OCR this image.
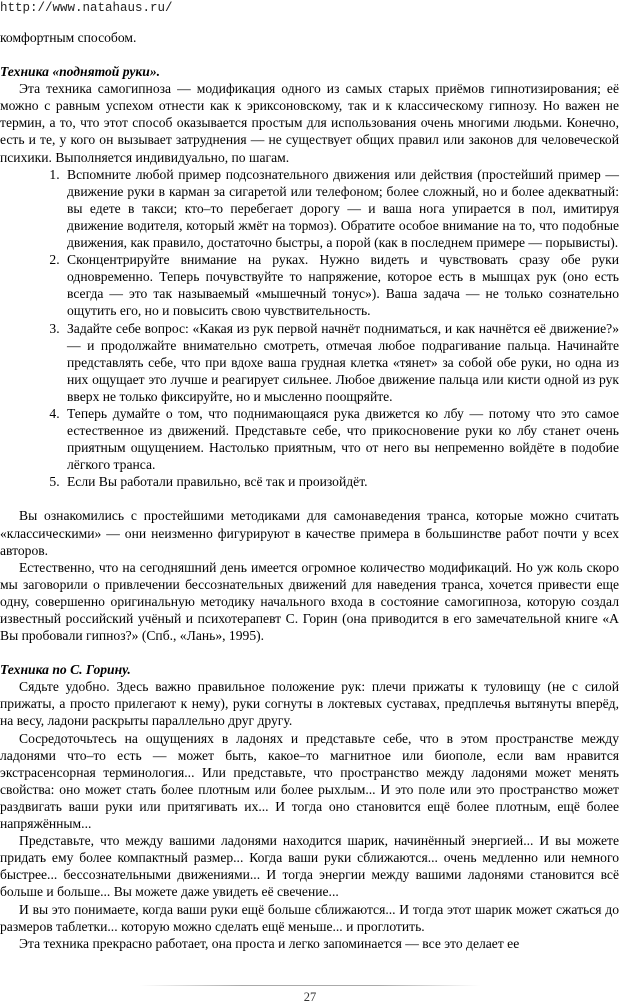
http://www.natahaus.ru/

комфортным способом.

Техника «поднятой руки».

Эта техника самогипноза — модификация одного из самых старых приёмов гипнотизирования; её можно с равным успехом отнести как к эриксоновскому, так и к классическому гипнозу. Но важен не термин, а то, что этот способ оказывается простым для использования очень многими людьми. Конечно, есть и те, у кого он вызывает затруднения — не существует общих правил или законов для человеческой психики. Выполняется индивидуально, по шагам.

1. Вспомните любой пример подсознательного движения или действия (простейший пример — движение руки в карман за сигаретой или телефоном; более сложный, но и более адекватный: вы едете в такси; кто–то перебегает дорогу — и ваша нога упирается в пол, имитируя движение водителя, который жмёт на тормоз). Обратите особое внимание на то, что подобные движения, как правило, достаточно быстры, а порой (как в последнем примере — порывисты).
2. Сконцентрируйте внимание на руках. Нужно видеть и чувствовать сразу обе руки одновременно. Теперь почувствуйте то напряжение, которое есть в мышцах рук (оно есть всегда — это так называемый «мышечный тонус»). Ваша задача — не только сознательно ощутить его, но и повысить свою чувствительность.
3. Задайте себе вопрос: «Какая из рук первой начнёт подниматься, и как начнётся её движение?» — и продолжайте внимательно смотреть, отмечая любое подрагивание пальца. Начинайте представлять себе, что при вдохе ваша грудная клетка «тянет» за собой обе руки, но одна из них ощущает это лучше и реагирует сильнее. Любое движение пальца или кисти одной из рук вверх не только фиксируйте, но и мысленно поощряйте.
4. Теперь думайте о том, что поднимающаяся рука движется ко лбу — потому что это самое естественное из движений. Представьте себе, что прикосновение руки ко лбу станет очень приятным ощущением. Настолько приятным, что от него вы непременно войдёте в подобие лёгкого транса.
5. Если Вы работали правильно, всё так и произойдёт.

Вы ознакомились с простейшими методиками для самонаведения транса, которые можно считать «классическими» — они неизменно фигурируют в качестве примера в большинстве работ почти у всех авторов.

Естественно, что на сегодняшний день имеется огромное количество модификаций. Но уж коль скоро мы заговорили о привлечении бессознательных движений для наведения транса, хочется привести еще одну, совершенно оригинальную методику начального входа в состояние самогипноза, которую создал известный российский учёный и психотерапевт С. Горин (она приводится в его замечательной книге «А Вы пробовали гипноз?» (Спб., «Лань», 1995).

Техника по С. Горину.

Сядьте удобно. Здесь важно правильное положение рук: плечи прижаты к туловищу (не с силой прижаты, а просто прилегают к нему), руки согнуты в локтевых суставах, предплечья вытянуты вперёд, на весу, ладони раскрыты параллельно друг другу.

Сосредоточьтесь на ощущениях в ладонях и представьте себе, что в этом пространстве между ладонями что–то есть — может быть, какое–то магнитное или биополе, если вам нравится экстрасенсорная терминология... Или представьте, что пространство между ладонями может менять свойства: оно может стать более плотным или более рыхлым... И это поле или это пространство может раздвигать ваши руки или притягивать их... И тогда оно становится ещё более плотным, ещё более напряжённым...

Представьте, что между вашими ладонями находится шарик, начинённый энергией... И вы можете придать ему более компактный размер... Когда ваши руки сближаются... очень медленно или немного быстрее... бессознательными движениями... И тогда энергии между вашими ладонями становится всё больше и больше... Вы можете даже увидеть её свечение...

И вы это понимаете, когда ваши руки ещё больше сближаются... И тогда этот шарик может сжаться до размеров таблетки... которую можно сделать ещё меньше... и проглотить.

Эта техника прекрасно работает, она проста и легко запоминается — все это делает ее

27
